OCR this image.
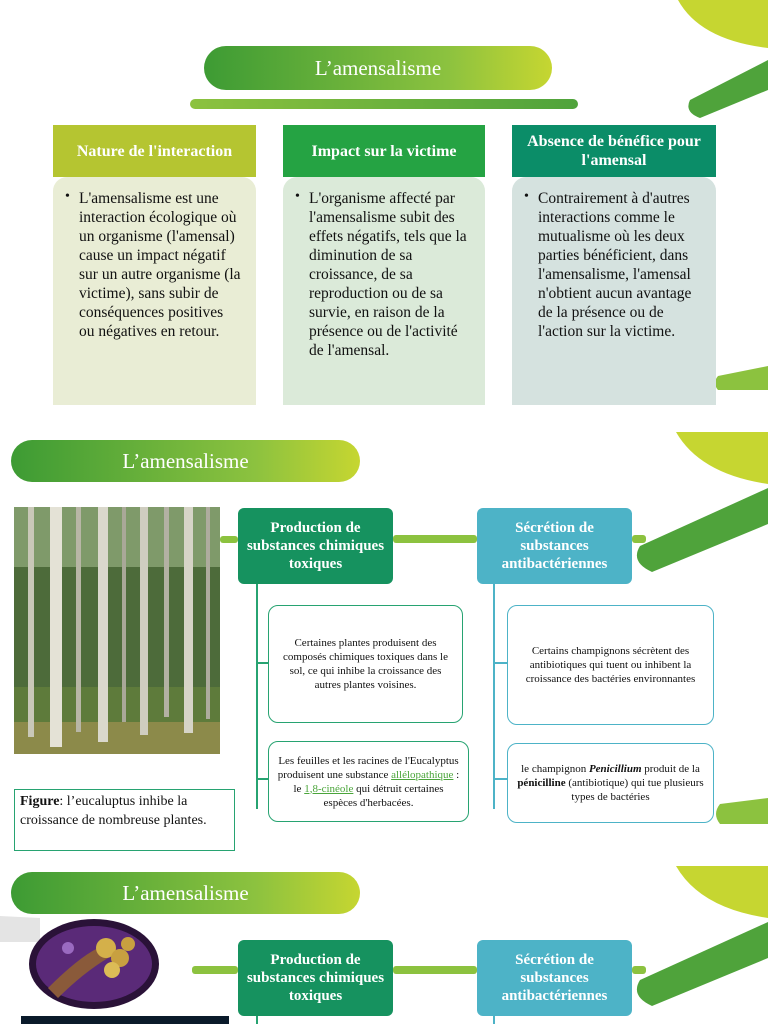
L’amensalisme
Nature de l'interaction
• L'amensalisme est une interaction écologique où un organisme (l'amensal) cause un impact négatif sur un autre organisme (la victime), sans subir de conséquences positives ou négatives en retour.
Impact sur la victime
• L'organisme affecté par l'amensalisme subit des effets négatifs, tels que la diminution de sa croissance, de sa reproduction ou de sa survie, en raison de la présence ou de l'activité de l'amensal.
Absence de bénéfice pour l'amensal
• Contrairement à d'autres interactions comme le mutualisme où les deux parties bénéficient, dans l'amensalisme, l'amensal n'obtient aucun avantage de la présence ou de l'action sur la victime.
L’amensalisme
Figure: l’eucaluptus inhibe la croissance de nombreuse plantes.
Production de substances chimiques toxiques
Sécrétion de substances antibactériennes
Certaines plantes produisent des composés chimiques toxiques dans le sol, ce qui inhibe la croissance des autres plantes voisines.
Les feuilles et les racines de l'Eucalyptus produisent une substance allélopathique : le 1,8-cinéole qui détruit certaines espèces d'herbacées.
Certains champignons sécrètent des antibiotiques qui tuent ou inhibent la croissance des bactéries environnantes
le champignon Penicillium produit de la pénicilline (antibiotique) qui tue plusieurs types de bactéries
L’amensalisme
Production de substances chimiques toxiques
Sécrétion de substances antibactériennes
